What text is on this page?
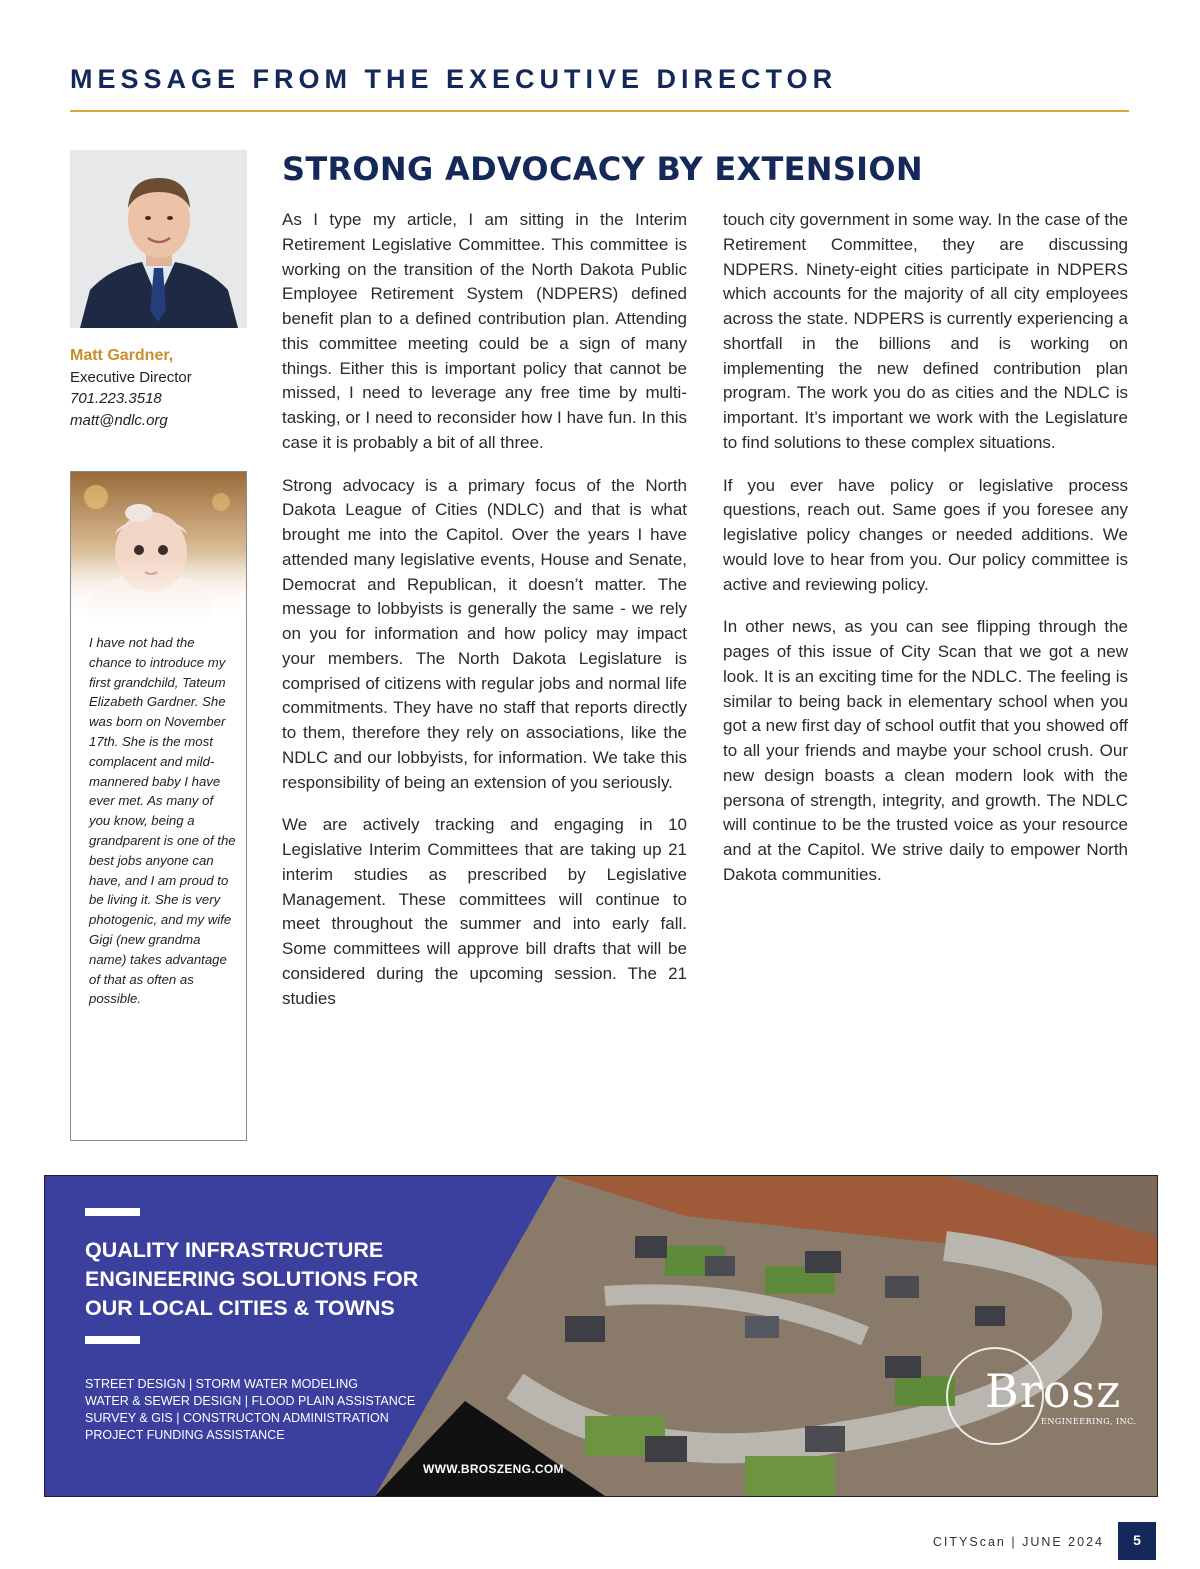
MESSAGE FROM THE EXECUTIVE DIRECTOR
Matt Gardner,
Executive Director
701.223.3518
matt@ndlc.org
I have not had the chance to introduce my first grandchild, Tateum Elizabeth Gardner. She was born on November 17th. She is the most complacent and mild-mannered baby I have ever met. As many of you know, being a grandparent is one of the best jobs anyone can have, and I am proud to be living it. She is very photogenic, and my wife Gigi (new grandma name) takes advantage of that as often as possible.
STRONG ADVOCACY BY EXTENSION

As I type my article, I am sitting in the Interim Retirement Legislative Committee. This committee is working on the transition of the North Dakota Public Employee Retirement System (NDPERS) defined benefit plan to a defined contribution plan. Attending this committee meeting could be a sign of many things. Either this is important policy that cannot be missed, I need to leverage any free time by multi-tasking, or I need to reconsider how I have fun. In this case it is probably a bit of all three.

Strong advocacy is a primary focus of the North Dakota League of Cities (NDLC) and that is what brought me into the Capitol. Over the years I have attended many legislative events, House and Senate, Democrat and Republican, it doesn’t matter. The message to lobbyists is generally the same - we rely on you for information and how policy may impact your members. The North Dakota Legislature is comprised of citizens with regular jobs and normal life commitments. They have no staff that reports directly to them, therefore they rely on associations, like the NDLC and our lobbyists, for information. We take this responsibility of being an extension of you seriously.

We are actively tracking and engaging in 10 Legislative Interim Committees that are taking up 21 interim studies as prescribed by Legislative Management. These committees will continue to meet throughout the summer and into early fall. Some committees will approve bill drafts that will be considered during the upcoming session. The 21 studies

touch city government in some way. In the case of the Retirement Committee, they are discussing NDPERS. Ninety-eight cities participate in NDPERS which accounts for the majority of all city employees across the state. NDPERS is currently experiencing a shortfall in the billions and is working on implementing the new defined contribution plan program. The work you do as cities and the NDLC is important. It’s important we work with the Legislature to find solutions to these complex situations.

If you ever have policy or legislative process questions, reach out. Same goes if you foresee any legislative policy changes or needed additions. We would love to hear from you. Our policy committee is active and reviewing policy.

In other news, as you can see flipping through the pages of this issue of City Scan that we got a new look. It is an exciting time for the NDLC. The feeling is similar to being back in elementary school when you got a new first day of school outfit that you showed off to all your friends and maybe your school crush. Our new design boasts a clean modern look with the persona of strength, integrity, and growth. The NDLC will continue to be the trusted voice as your resource and at the Capitol. We strive daily to empower North Dakota communities.

QUALITY INFRASTRUCTURE
ENGINEERING SOLUTIONS FOR
OUR LOCAL CITIES & TOWNS
STREET DESIGN | STORM WATER MODELING
WATER & SEWER DESIGN | FLOOD PLAIN ASSISTANCE
SURVEY & GIS | CONSTRUCTON ADMINISTRATION
PROJECT FUNDING ASSISTANCE
WWW.BROSZENG.COM
Brosz
ENGINEERING, INC.
CITYScan | JUNE 2024	5
